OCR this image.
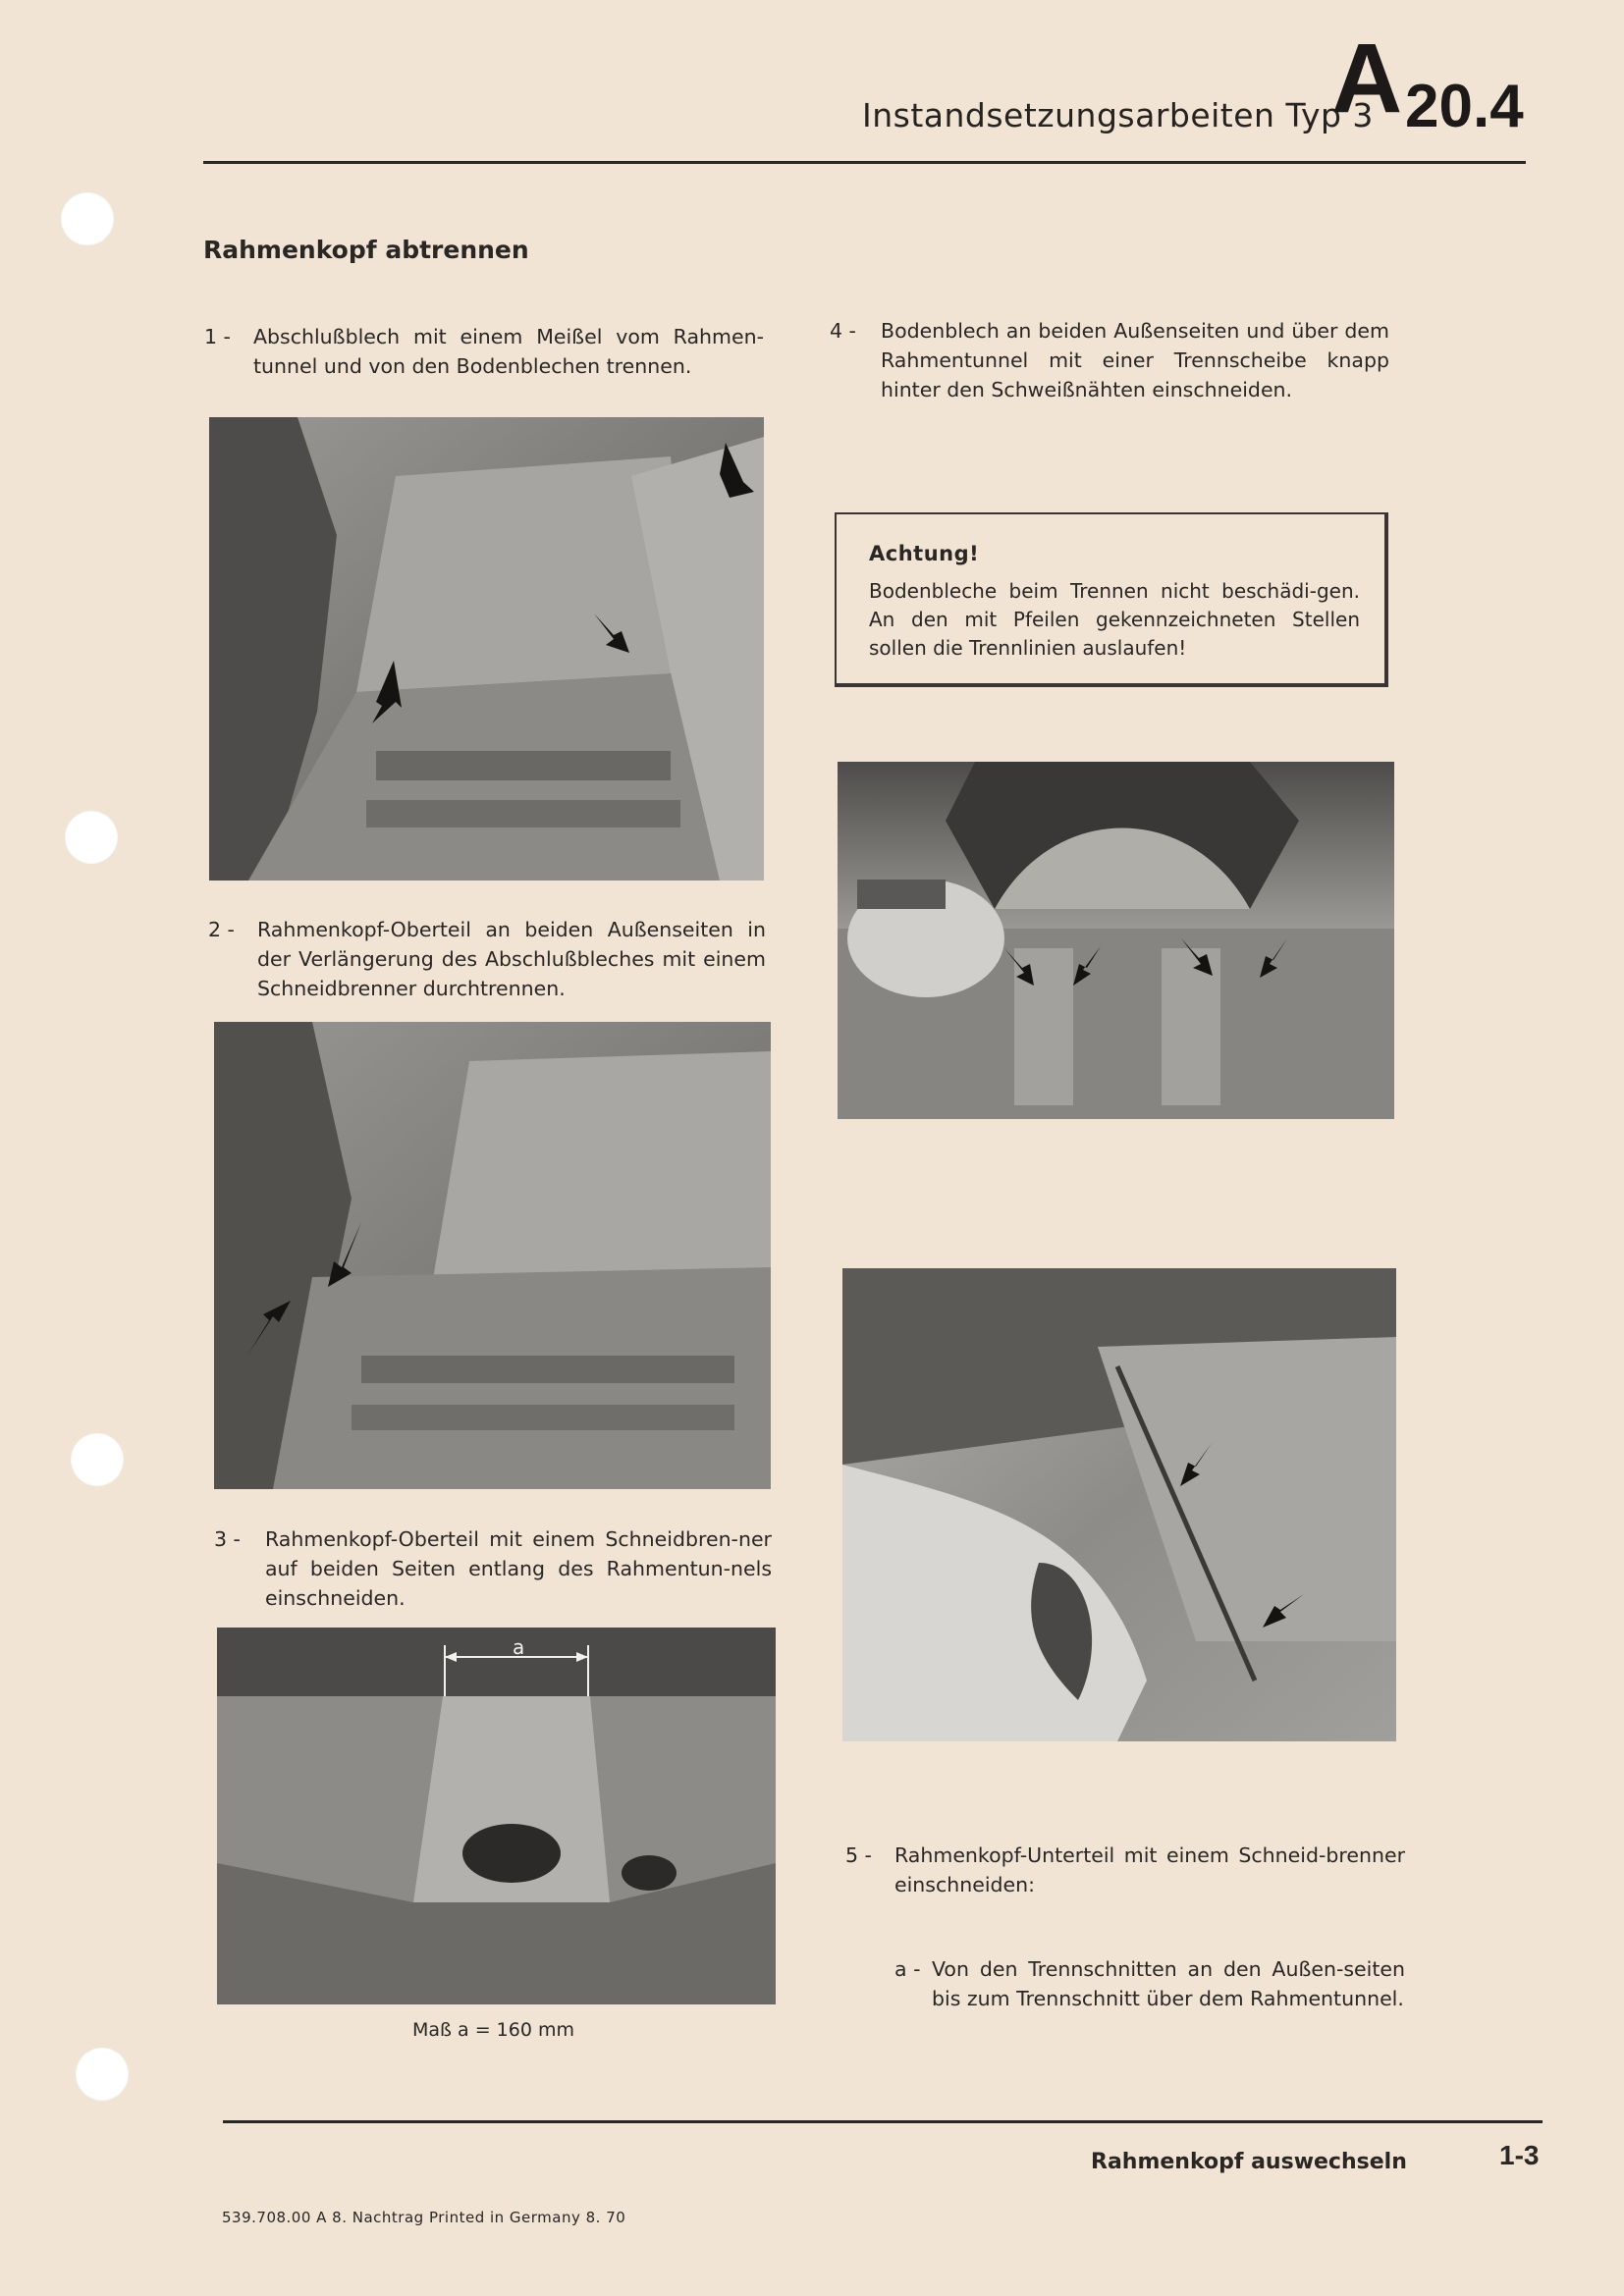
Instandsetzungsarbeiten Typ 3
A 20.4
Rahmenkopf abtrennen
1 - Abschlußblech mit einem Meißel vom Rahmen-tunnel und von den Bodenblechen trennen.
2 - Rahmenkopf-Oberteil an beiden Außenseiten in der Verlängerung des Abschlußbleches mit einem Schneidbrenner durchtrennen.
3 - Rahmenkopf-Oberteil mit einem Schneidbren-ner auf beiden Seiten entlang des Rahmentun-nels einschneiden.
a
Maß a = 160 mm
4 - Bodenblech an beiden Außenseiten und über dem Rahmentunnel mit einer Trennscheibe knapp hinter den Schweißnähten einschneiden.
Achtung!
Bodenbleche beim Trennen nicht beschädi-gen. An den mit Pfeilen gekennzeichneten Stellen sollen die Trennlinien auslaufen!
5 - Rahmenkopf-Unterteil mit einem Schneid-brenner einschneiden:
a - Von den Trennschnitten an den Außen-seiten bis zum Trennschnitt über dem Rahmentunnel.
Rahmenkopf auswechseln	1-3
539.708.00 A 8. Nachtrag Printed in Germany 8. 70
